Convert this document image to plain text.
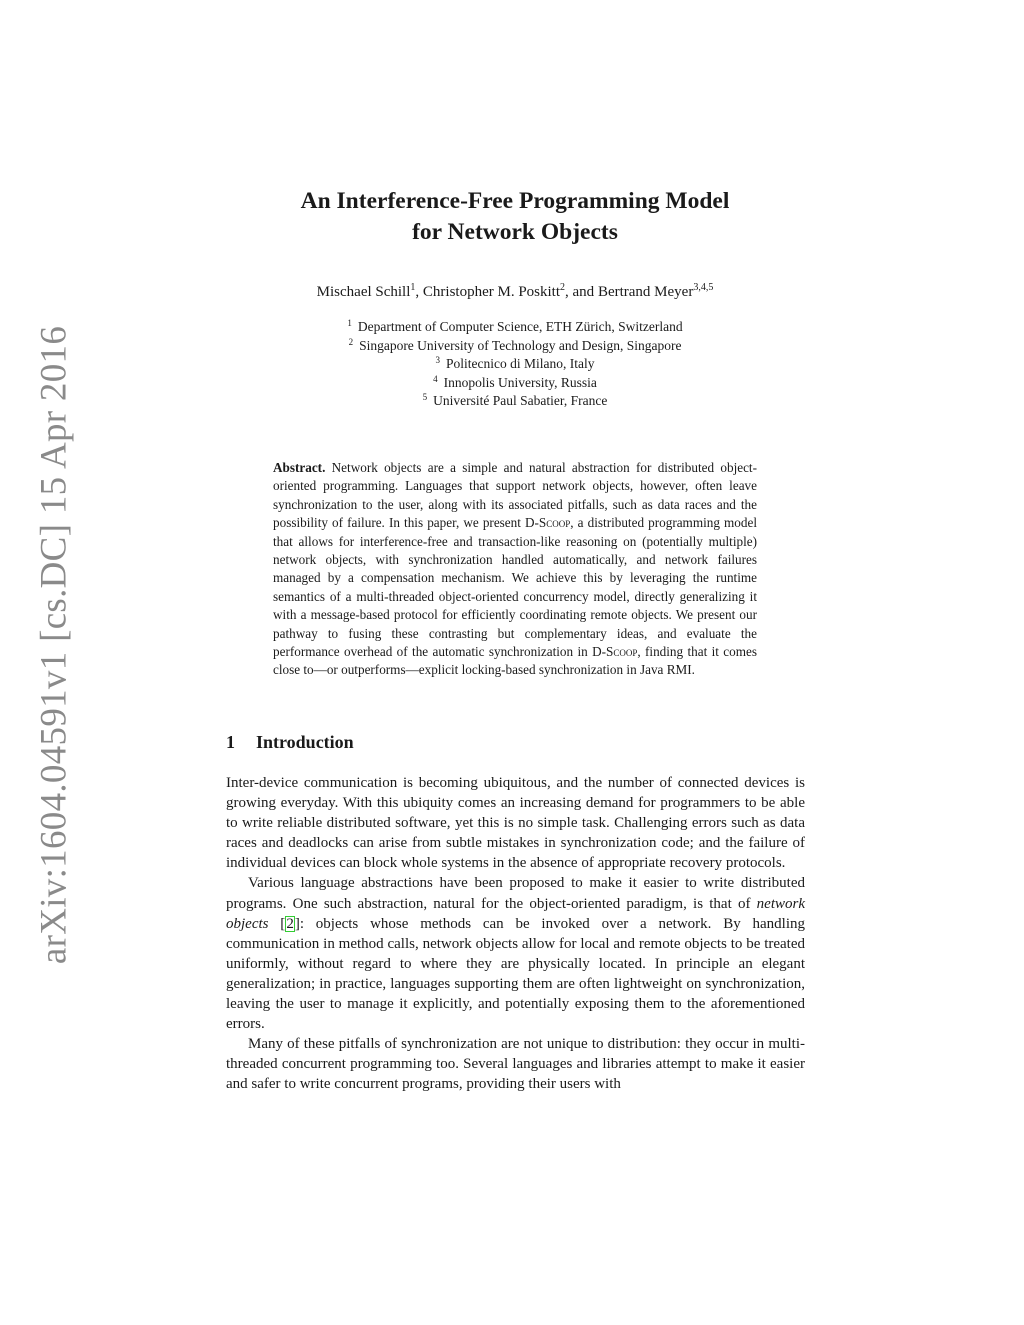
arXiv:1604.04591v1 [cs.DC] 15 Apr 2016
An Interference-Free Programming Model
for Network Objects
Mischael Schill$^1$, Christopher M. Poskitt$^2$, and Bertrand Meyer$^{3,4,5}$
$^1$ Department of Computer Science, ETH Zürich, Switzerland
$^2$ Singapore University of Technology and Design, Singapore
$^3$ Politecnico di Milano, Italy
$^4$ Innopolis University, Russia
$^5$ Université Paul Sabatier, France
Abstract. Network objects are a simple and natural abstraction for distributed object-oriented programming. Languages that support network objects, however, often leave synchronization to the user, along with its associated pitfalls, such as data races and the possibility of failure. In this paper, we present D-Scoop, a distributed programming model that allows for interference-free and transaction-like reasoning on (potentially multiple) network objects, with synchronization handled automatically, and network failures managed by a compensation mechanism. We achieve this by leveraging the runtime semantics of a multi-threaded object-oriented concurrency model, directly generalizing it with a message-based protocol for efficiently coordinating remote objects. We present our pathway to fusing these contrasting but complementary ideas, and evaluate the performance overhead of the automatic synchronization in D-Scoop, finding that it comes close to—or outperforms—explicit locking-based synchronization in Java RMI.
1 Introduction

Inter-device communication is becoming ubiquitous, and the number of connected devices is growing everyday. With this ubiquity comes an increasing demand for programmers to be able to write reliable distributed software, yet this is no simple task. Challenging errors such as data races and deadlocks can arise from subtle mistakes in synchronization code; and the failure of individual devices can block whole systems in the absence of appropriate recovery protocols.

Various language abstractions have been proposed to make it easier to write distributed programs. One such abstraction, natural for the object-oriented paradigm, is that of network objects [2]: objects whose methods can be invoked over a network. By handling communication in method calls, network objects allow for local and remote objects to be treated uniformly, without regard to where they are physically located. In principle an elegant generalization; in practice, languages supporting them are often lightweight on synchronization, leaving the user to manage it explicitly, and potentially exposing them to the aforementioned errors.

Many of these pitfalls of synchronization are not unique to distribution: they occur in multi-threaded concurrent programming too. Several languages and libraries attempt to make it easier and safer to write concurrent programs, providing their users with
